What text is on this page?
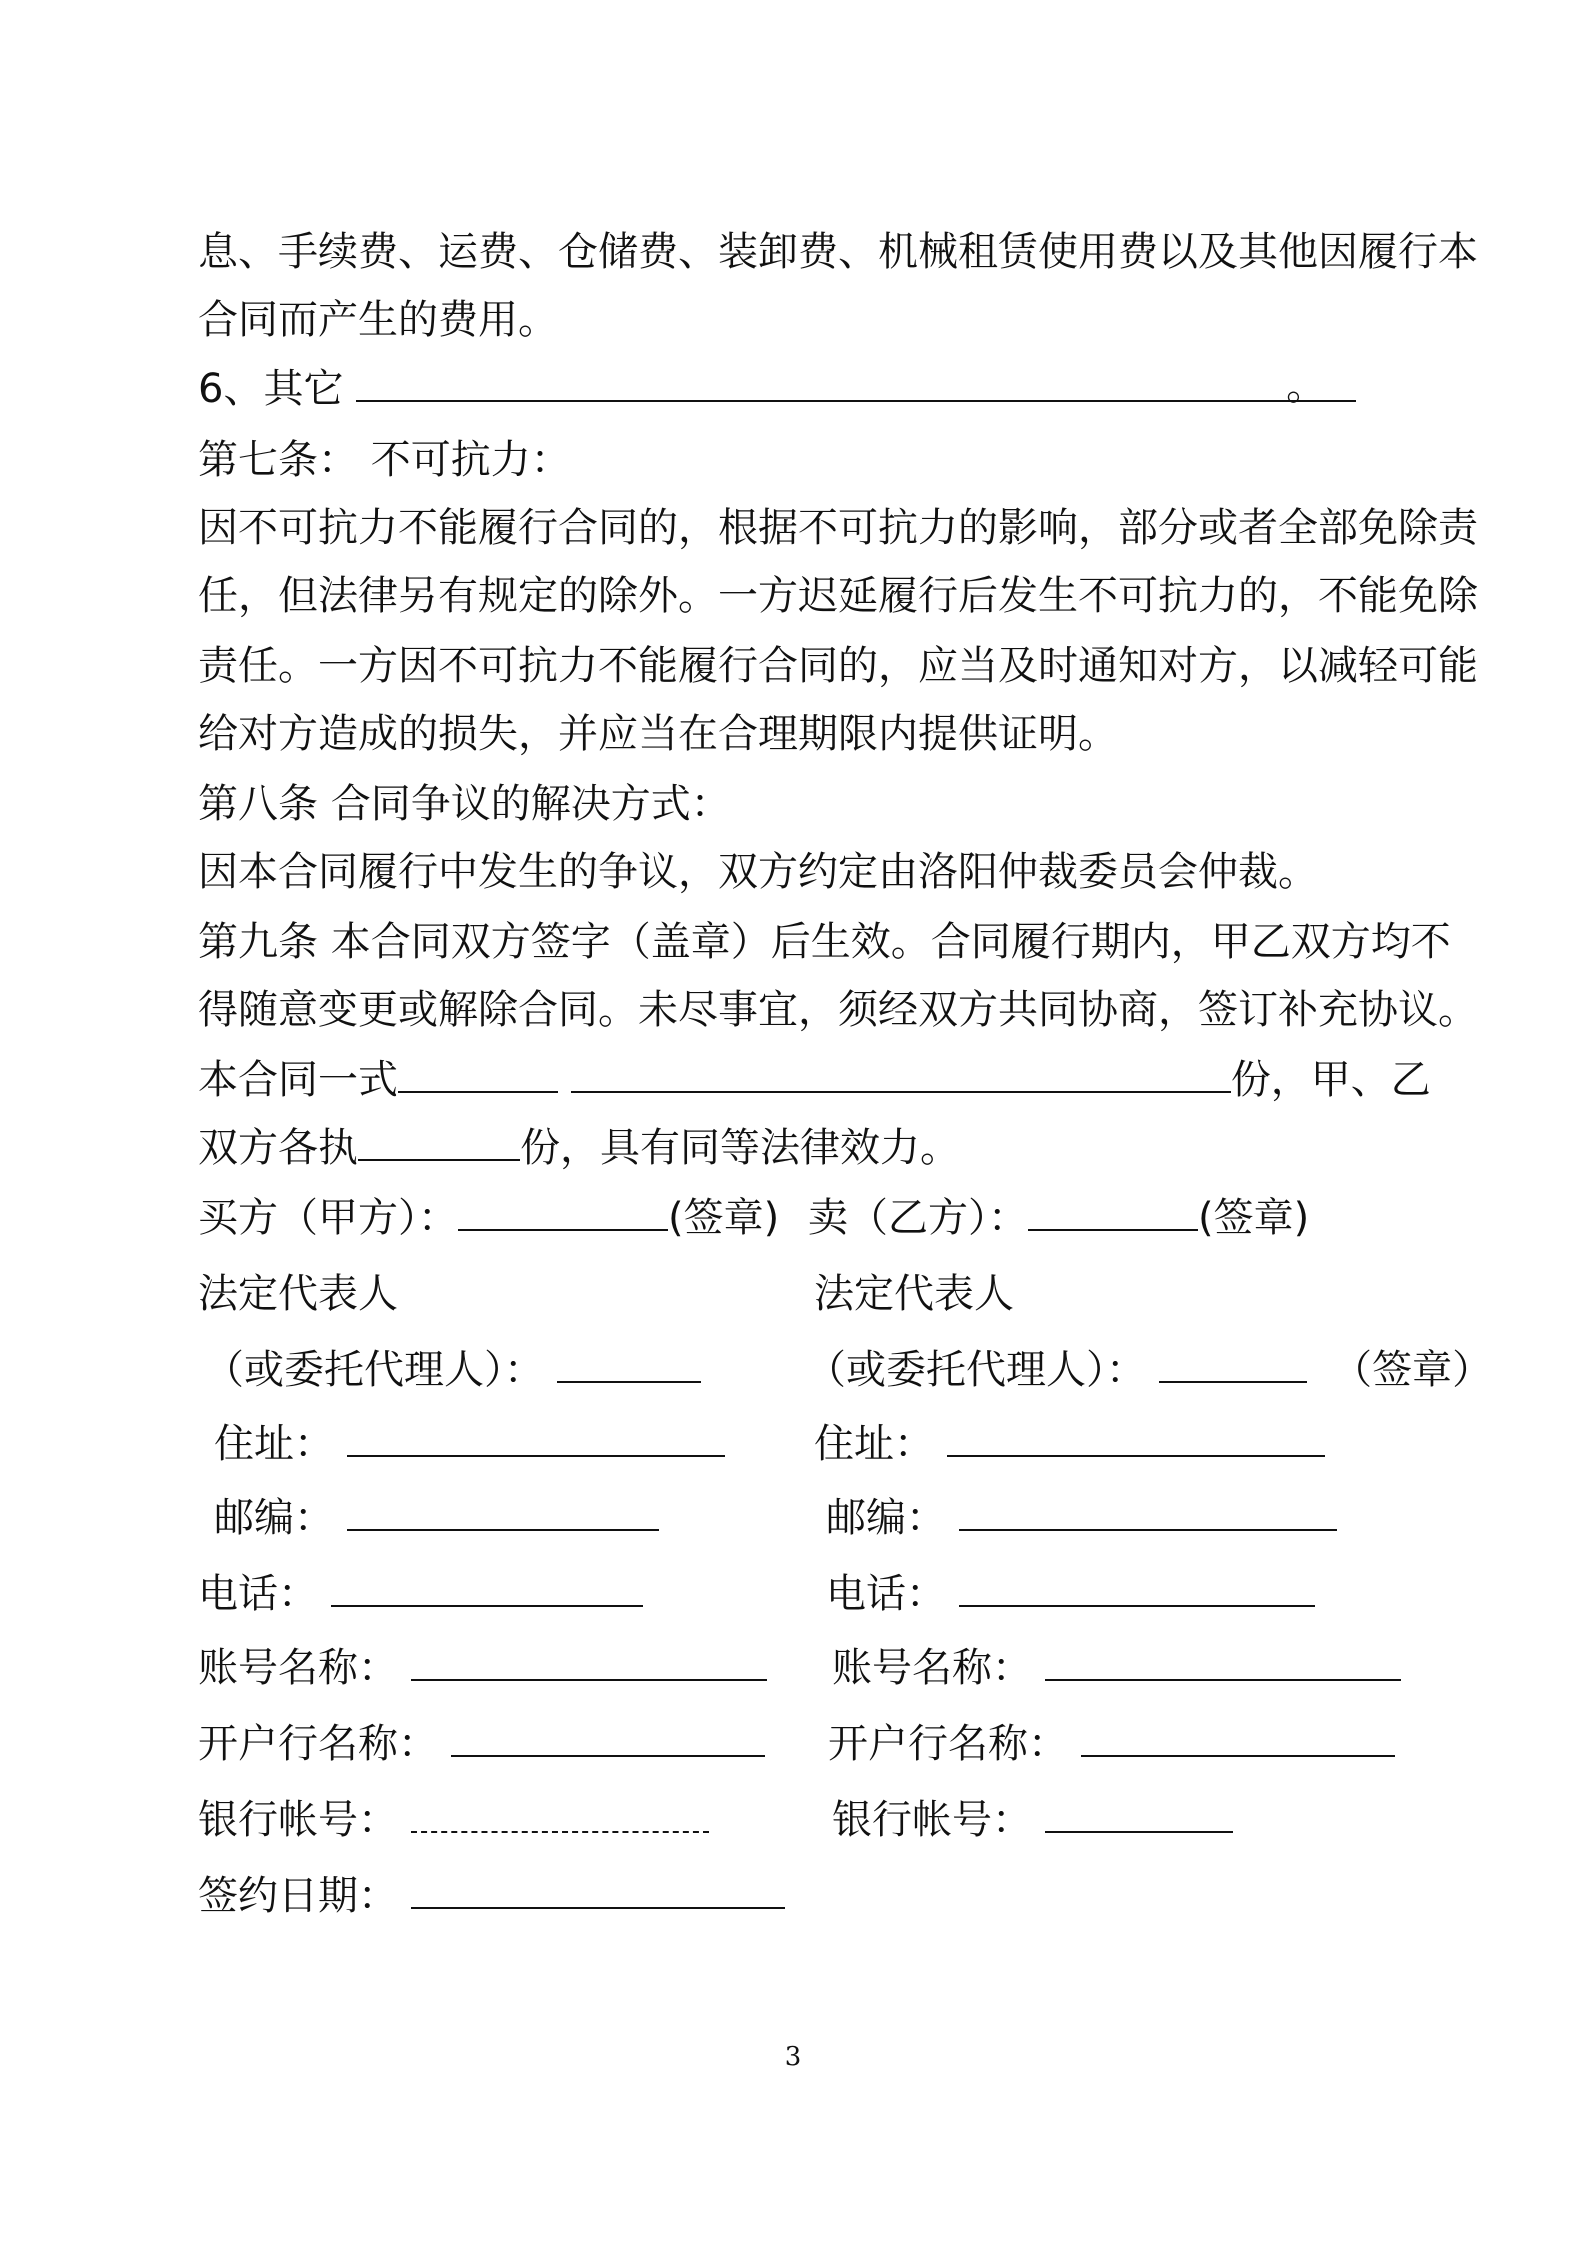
息、手续费、运费、仓储费、装卸费、机械租赁使用费以及其他因履行本
合同而产生的费用。
6、其它	。
第七条： 不可抗力：
因不可抗力不能履行合同的，根据不可抗力的影响，部分或者全部免除责
任，但法律另有规定的除外。一方迟延履行后发生不可抗力的，不能免除
责任。一方因不可抗力不能履行合同的，应当及时通知对方，以减轻可能
给对方造成的损失，并应当在合理期限内提供证明。
第八条 合同争议的解决方式：
因本合同履行中发生的争议，双方约定由洛阳仲裁委员会仲裁。
第九条 本合同双方签字（盖章）后生效。合同履行期内，甲乙双方均不
得随意变更或解除合同。未尽事宜，须经双方共同协商，签订补充协议。
本合同一式	份，甲、乙
双方各执	份，具有同等法律效力。
买方（甲方）：	(签章) 卖（乙方）：	(签章)
法定代表人	法定代表人
（或委托代理人）：	（或委托代理人）：	（签章）
住址：	住址：
邮编：	邮编：
电话：	电话：
账号名称：	账号名称：
开户行名称：	开户行名称：
银行帐号：	银行帐号：
签约日期：
3
